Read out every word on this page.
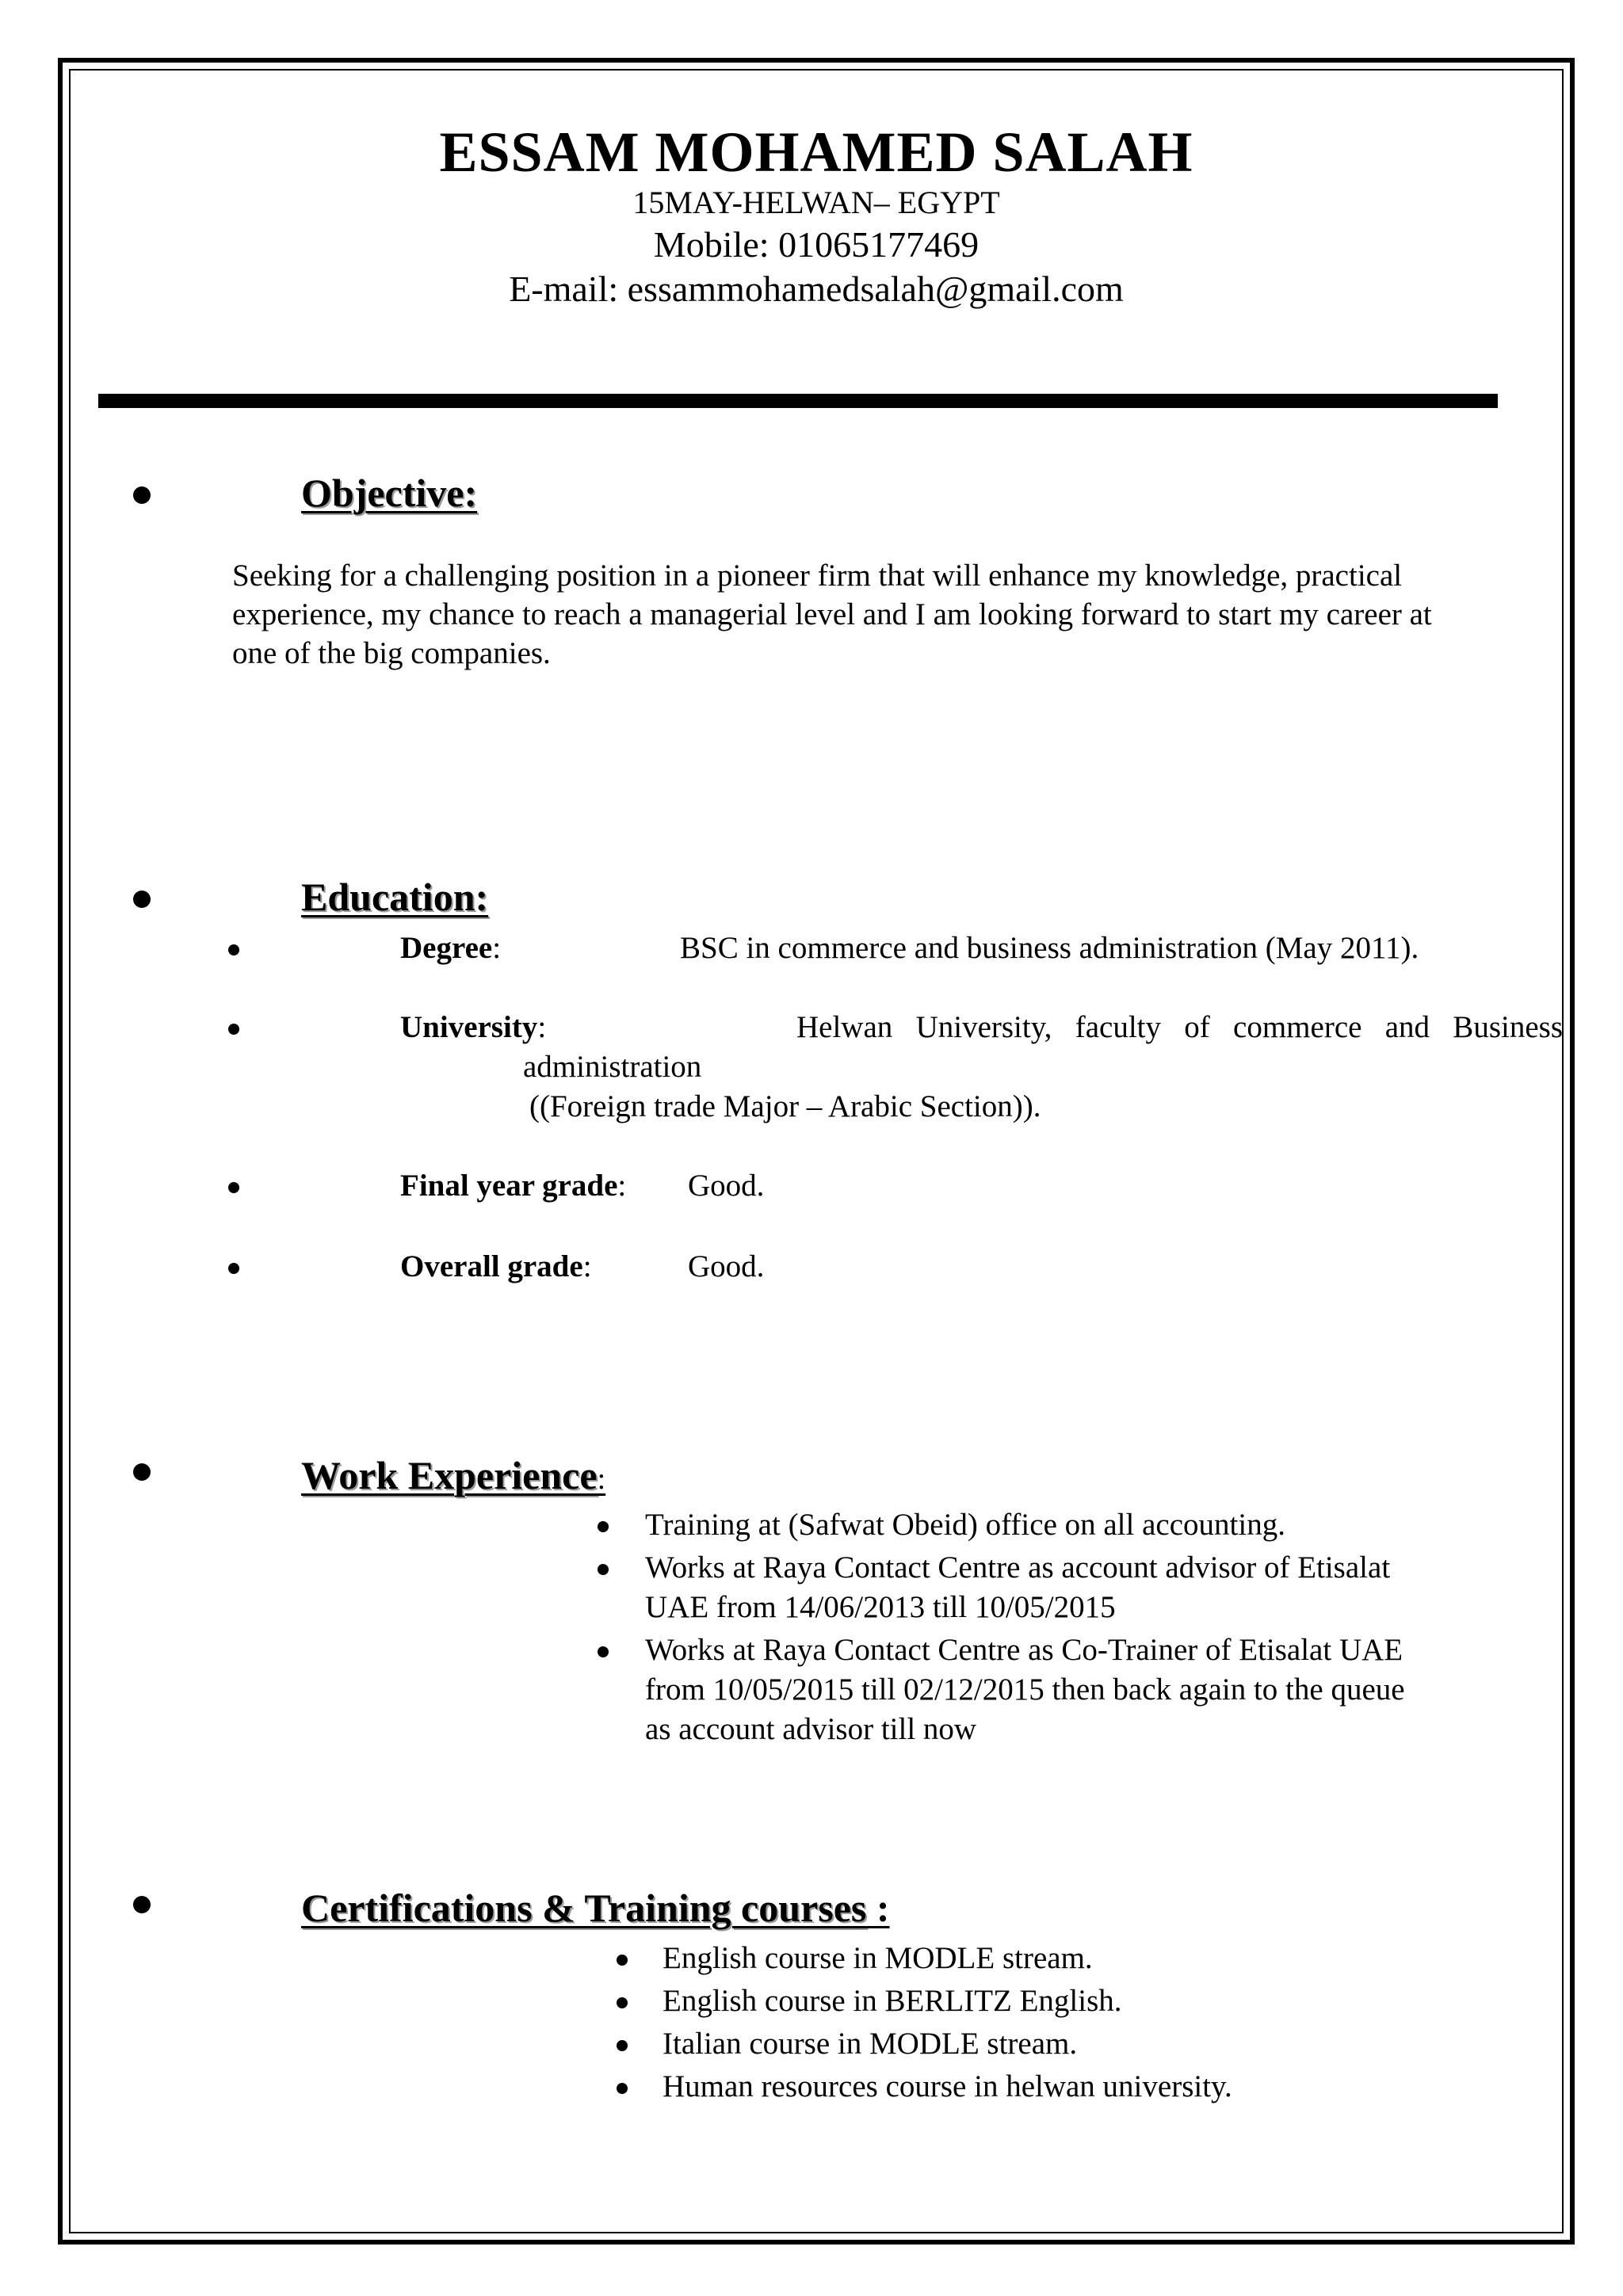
ESSAM MOHAMED SALAH
15MAY-HELWAN– EGYPT
Mobile: 01065177469
E-mail: essammohamedsalah@gmail.com
Objective:
Seeking for a challenging position in a pioneer firm that will enhance my knowledge, practical
experience, my chance to reach a managerial level and I am looking forward to start my career at
one of the big companies.
Education:
Degree:	BSC in commerce and business administration (May 2011).
University:	Helwan University, faculty of commerce and Business
administration
((Foreign trade Major – Arabic Section)).
Final year grade: Good.
Overall grade:	Good.
Work Experience:
Training at (Safwat Obeid) office on all accounting.
Works at Raya Contact Centre as account advisor of Etisalat
UAE from 14/06/2013 till 10/05/2015
Works at Raya Contact Centre as Co-Trainer of Etisalat UAE
from 10/05/2015 till 02/12/2015 then back again to the queue
as account advisor till now
Certifications & Training courses :
English course in MODLE stream.
English course in BERLITZ English.
Italian course in MODLE stream.
Human resources course in helwan university.
